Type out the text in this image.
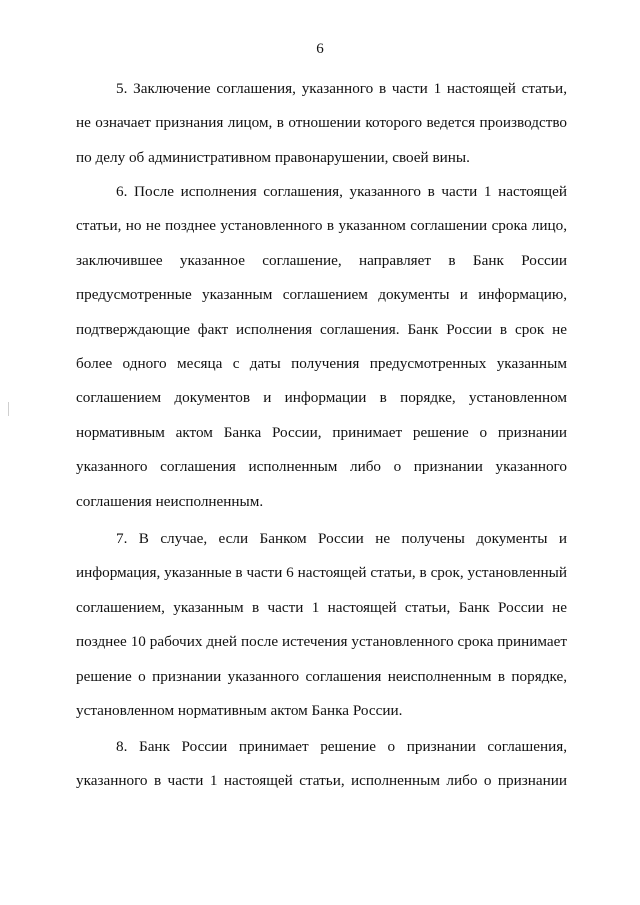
6
5. Заключение соглашения, указанного в части 1 настоящей статьи,
не означает признания лицом, в отношении которого ведется производство
по делу об административном правонарушении, своей вины.
6. После исполнения соглашения, указанного в части 1 настоящей
статьи, но не позднее установленного в указанном соглашении срока лицо,
заключившее указанное соглашение, направляет в Банк России
предусмотренные указанным соглашением документы и информацию,
подтверждающие факт исполнения соглашения. Банк России в срок не
более одного месяца с даты получения предусмотренных указанным
соглашением документов и информации в порядке, установленном
нормативным актом Банка России, принимает решение о признании
указанного соглашения исполненным либо о признании указанного
соглашения неисполненным.
7. В случае, если Банком России не получены документы и
информация, указанные в части 6 настоящей статьи, в срок, установленный
соглашением, указанным в части 1 настоящей статьи, Банк России не
позднее 10 рабочих дней после истечения установленного срока принимает
решение о признании указанного соглашения неисполненным в порядке,
установленном нормативным актом Банка России.
8. Банк России принимает решение о признании соглашения,
указанного в части 1 настоящей статьи, исполненным либо о признании
